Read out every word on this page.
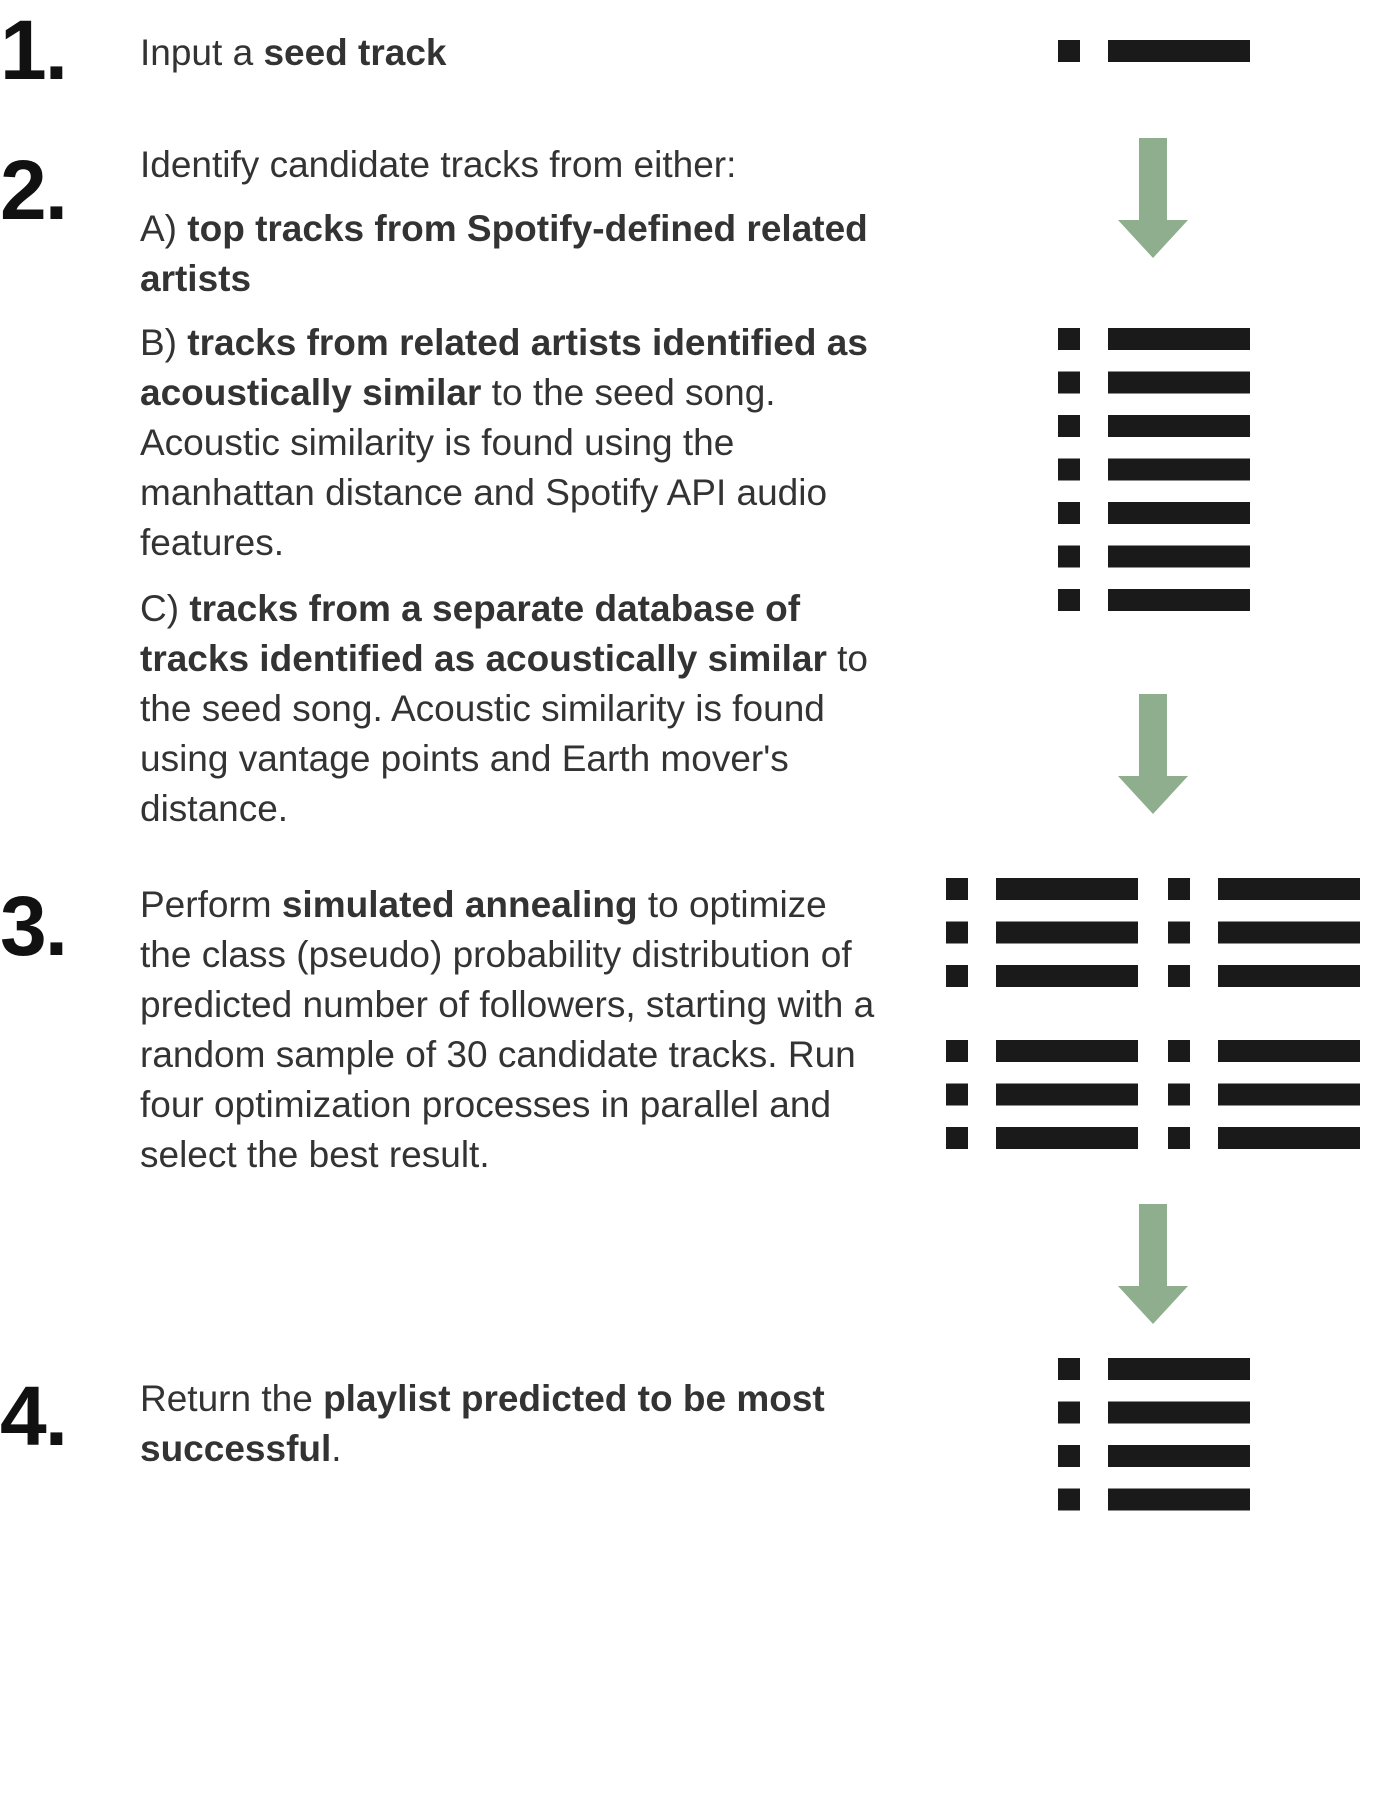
1. Input a seed track
2. Identify candidate tracks from either:
A) top tracks from Spotify-defined related artists
B) tracks from related artists identified as acoustically similar to the seed song. Acoustic similarity is found using the manhattan distance and Spotify API audio features.
C) tracks from a separate database of tracks identified as acoustically similar to the seed song. Acoustic similarity is found using vantage points and Earth mover's distance.
3. Perform simulated annealing to optimize the class (pseudo) probability distribution of predicted number of followers, starting with a random sample of 30 candidate tracks. Run four optimization processes in parallel and select the best result.
4. Return the playlist predicted to be most successful.
